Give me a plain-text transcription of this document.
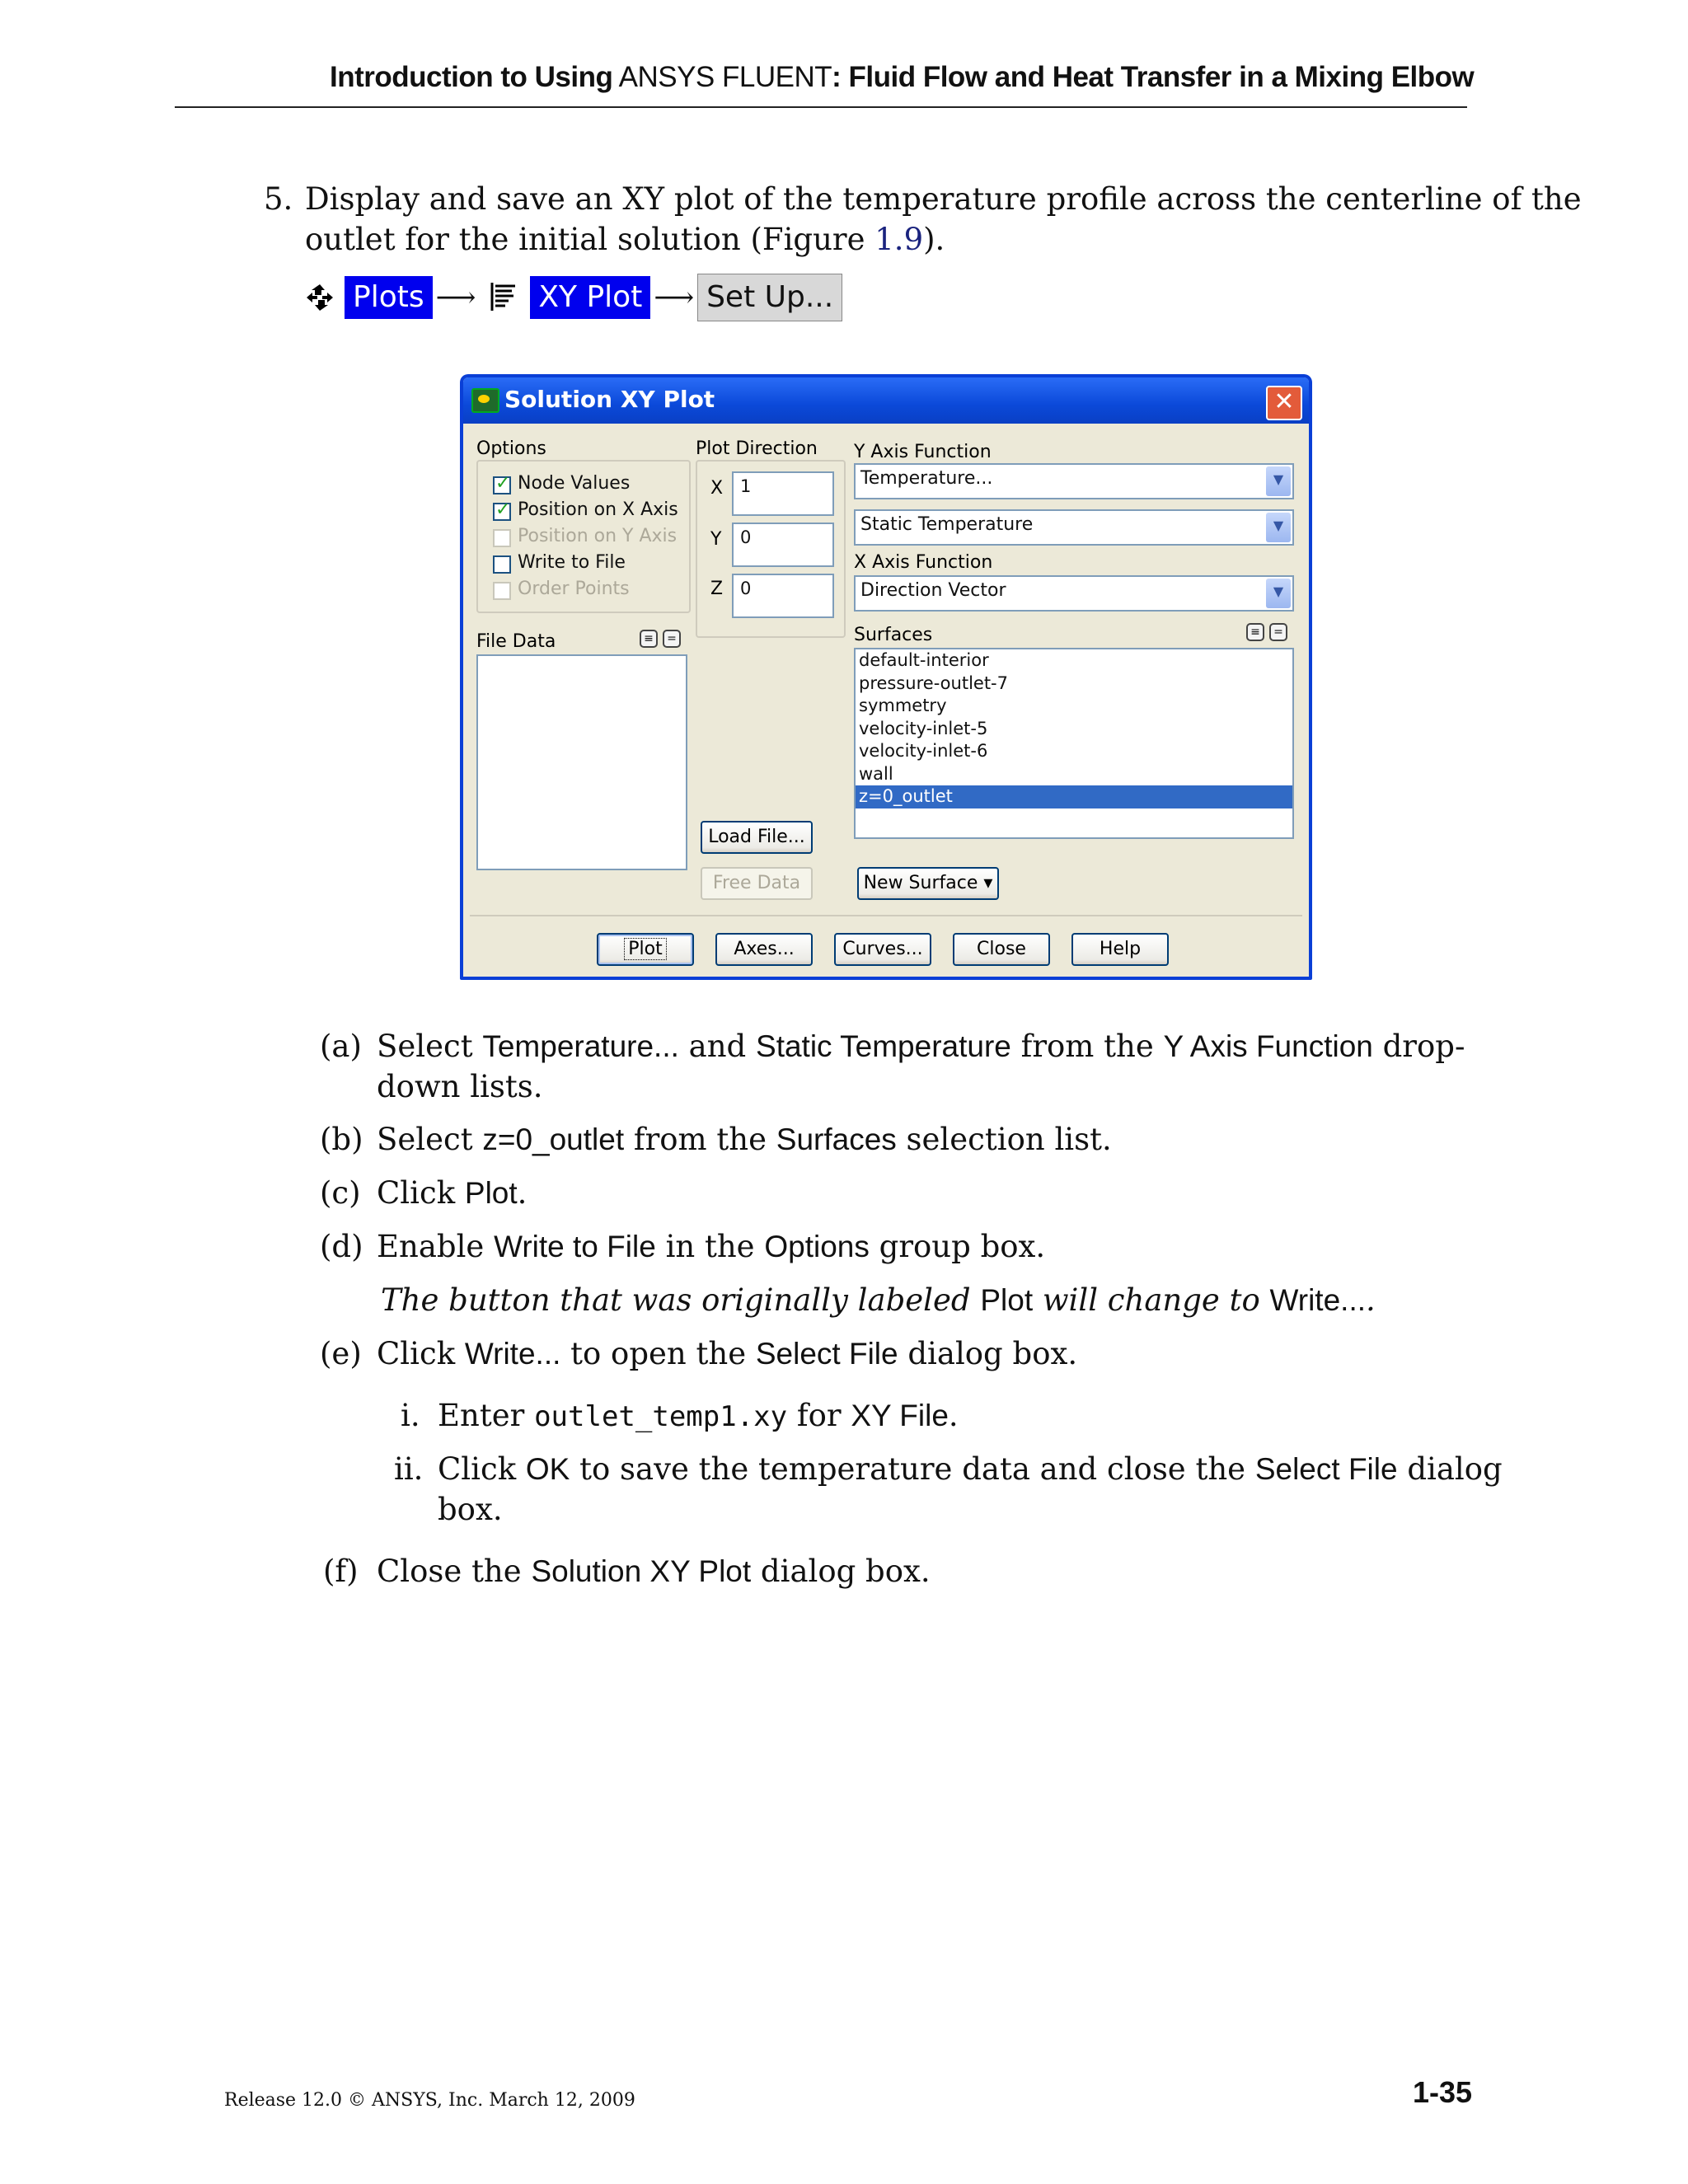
Introduction to Using ANSYS FLUENT: Fluid Flow and Heat Transfer in a Mixing Elbow
5. Display and save an XY plot of the temperature profile across the centerline of the
outlet for the initial solution (Figure 1.9).
Plots ⟶ XY Plot ⟶ Set Up...
Solution XY Plot	✕
Options
✓
Node Values
✓
Position on X Axis
Position on Y Axis
Write to File
Order Points
File Data	≡	=
Plot Direction
X 1
Y	0
Z 0
Load File...
Free Data
Y Axis Function
Temperature...	▼
Static Temperature	▼
X Axis Function
Direction Vector	▼
Surfaces	≡	=
default-interior
pressure-outlet-7
symmetry
velocity-inlet-5
velocity-inlet-6
wall
z=0_outlet
New Surface ▾
Plot	Axes...	Curves...	Close	Help
(a) Select Temperature... and Static Temperature from the Y Axis Function drop-
down lists.
(b) Select z=0_outlet from the Surfaces selection list.
(c) Click Plot.
(d) Enable Write to File in the Options group box.
The button that was originally labeled Plot will change to Write....
(e) Click Write... to open the Select File dialog box.
i. Enter outlet_temp1.xy for XY File.
ii. Click OK to save the temperature data and close the Select File dialog
box.
(f) Close the Solution XY Plot dialog box.
Release 12.0 © ANSYS, Inc. March 12, 2009	1-35
